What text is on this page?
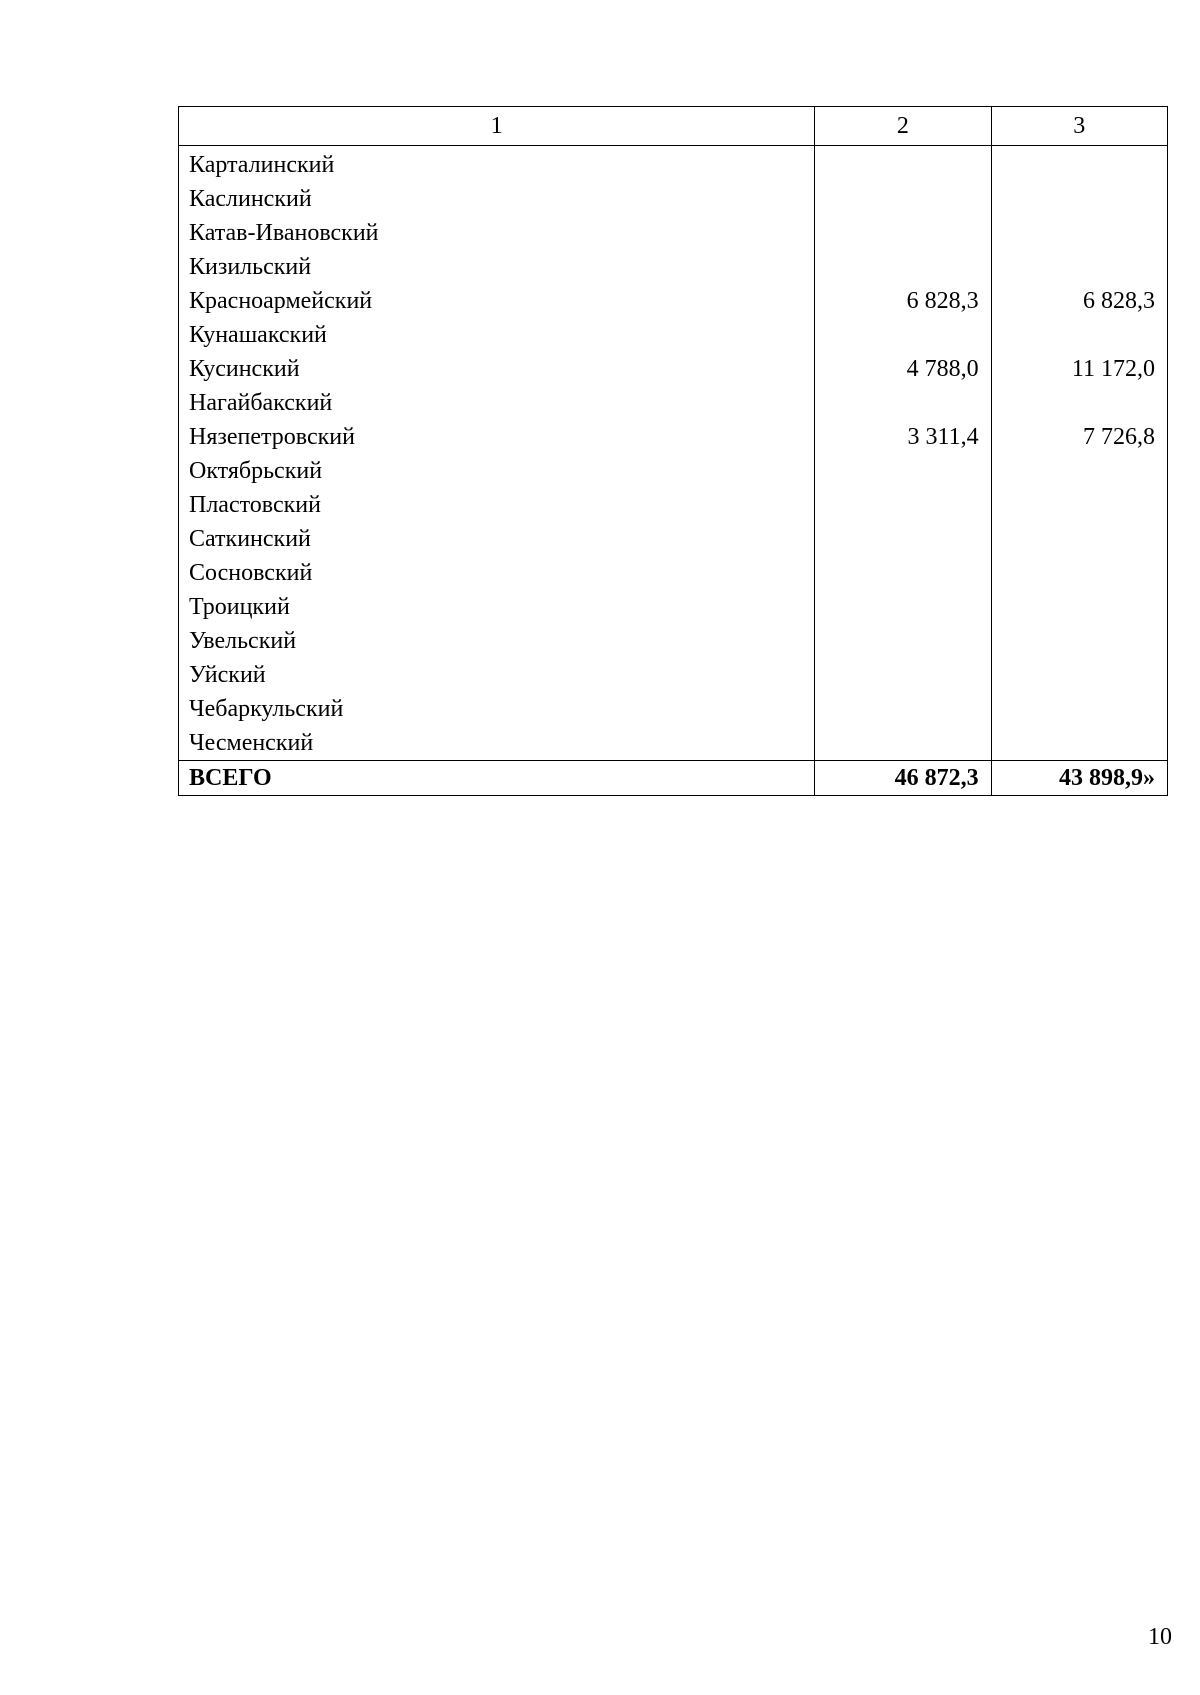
1	2	3
Карталинский		
Каслинский		
Катав-Ивановский		
Кизильский		
Красноармейский	6 828,3	6 828,3
Кунашакский		
Кусинский	4 788,0	11 172,0
Нагайбакский		
Нязепетровский	3 311,4	7 726,8
Октябрьский		
Пластовский		
Саткинский		
Сосновский		
Троицкий		
Увельский		
Уйский		
Чебаркульский		
Чесменский		
ВСЕГО	46 872,3	43 898,9»
10
